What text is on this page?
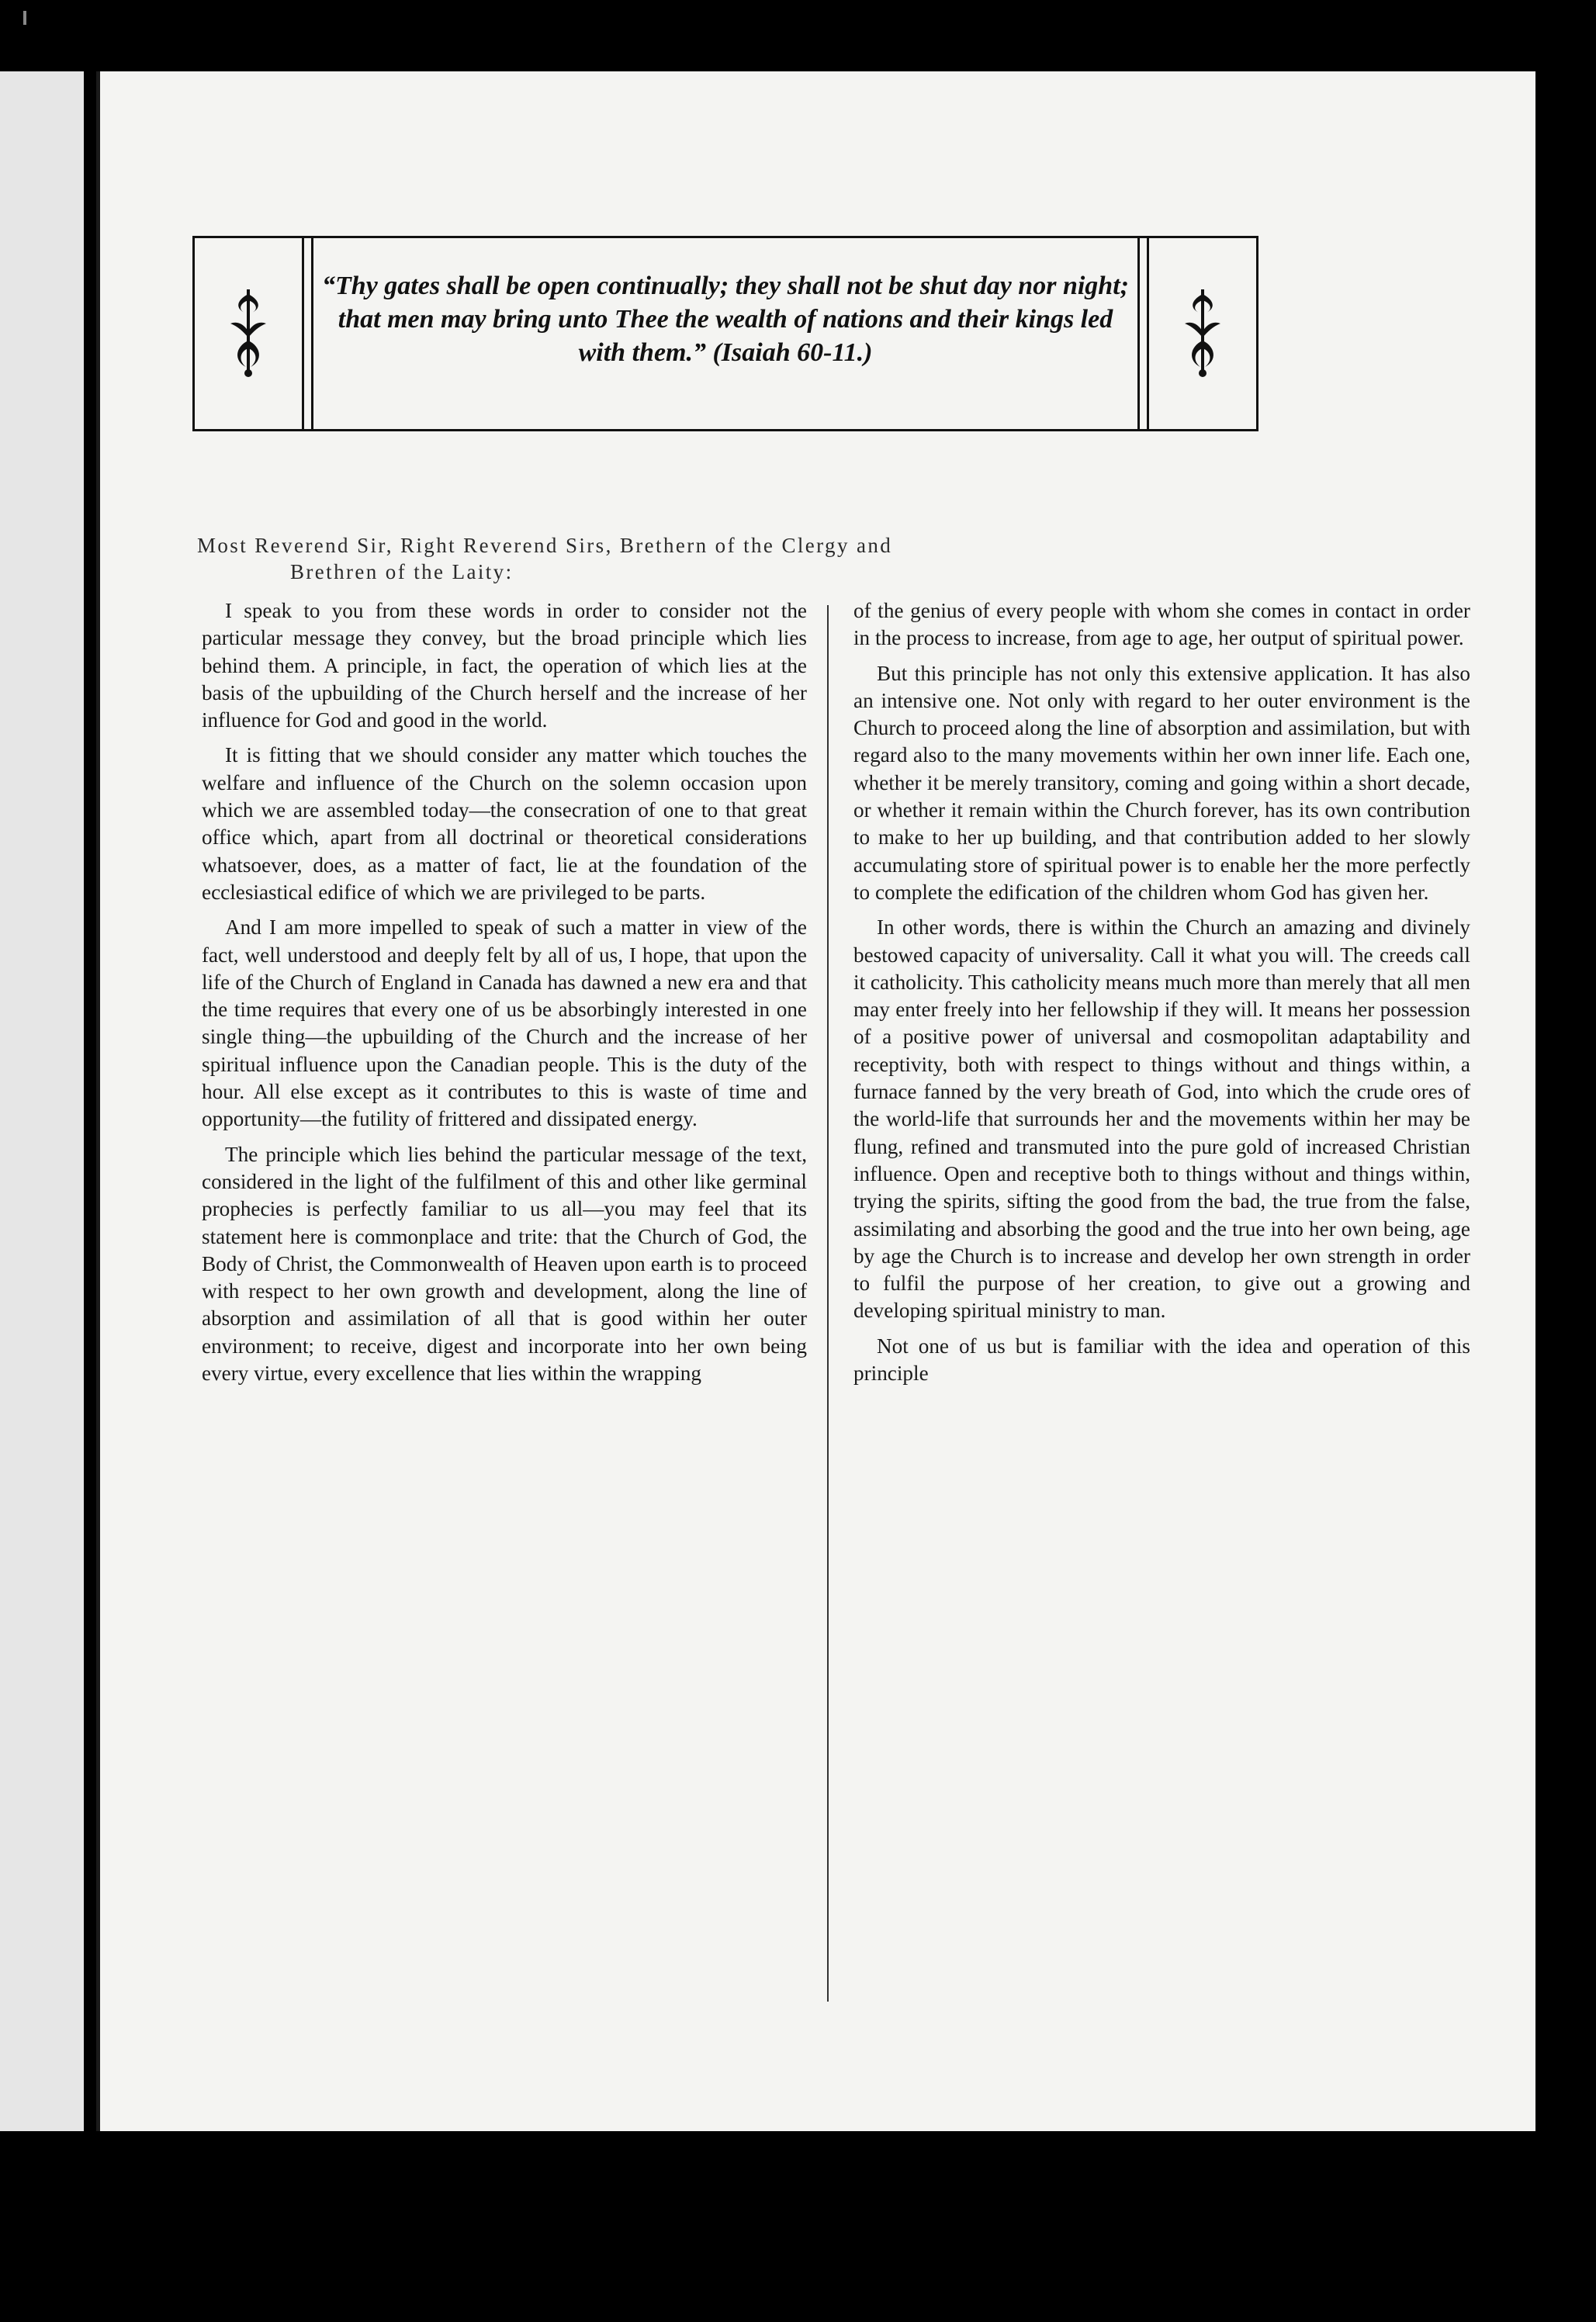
“Thy gates shall be open continually; they shall not be shut day nor night; that men may bring unto Thee the wealth of nations and their kings led with them.” (Isaiah 60-11.)
Most Reverend Sir, Right Reverend Sirs, Brethern of the Clergy and
Brethren of the Laity:

I speak to you from these words in order to consider not the particular message they convey, but the broad principle which lies behind them. A principle, in fact, the operation of which lies at the basis of the upbuilding of the Church herself and the increase of her influence for God and good in the world.

It is fitting that we should consider any matter which touches the welfare and influence of the Church on the solemn occasion upon which we are assembled today—the consecration of one to that great office which, apart from all doctrinal or theoretical considerations whatsoever, does, as a matter of fact, lie at the foundation of the ecclesiastical edifice of which we are privileged to be parts.

And I am more impelled to speak of such a matter in view of the fact, well understood and deeply felt by all of us, I hope, that upon the life of the Church of England in Canada has dawned a new era and that the time requires that every one of us be absorbingly interested in one single thing—the upbuilding of the Church and the increase of her spiritual influence upon the Canadian people. This is the duty of the hour. All else except as it contributes to this is waste of time and opportunity—the futility of frittered and dissipated energy.

The principle which lies behind the particular message of the text, considered in the light of the fulfilment of this and other like germinal prophecies is perfectly familiar to us all—you may feel that its statement here is commonplace and trite: that the Church of God, the Body of Christ, the Commonwealth of Heaven upon earth is to proceed with respect to her own growth and development, along the line of absorption and assimilation of all that is good within her outer environment; to receive, digest and incorporate into her own being every virtue, every excellence that lies within the wrapping

of the genius of every people with whom she comes in contact in order in the process to increase, from age to age, her output of spiritual power.

But this principle has not only this extensive application. It has also an intensive one. Not only with regard to her outer environment is the Church to proceed along the line of absorption and assimilation, but with regard also to the many movements within her own inner life. Each one, whether it be merely transitory, coming and going within a short decade, or whether it remain within the Church forever, has its own contribution to make to her up building, and that contribution added to her slowly accumulating store of spiritual power is to enable her the more perfectly to complete the edification of the children whom God has given her.

In other words, there is within the Church an amazing and divinely bestowed capacity of universality. Call it what you will. The creeds call it catholicity. This catholicity means much more than merely that all men may enter freely into her fellowship if they will. It means her possession of a positive power of universal and cosmopolitan adaptability and receptivity, both with respect to things without and things within, a furnace fanned by the very breath of God, into which the crude ores of the world-life that surrounds her and the movements within her may be flung, refined and transmuted into the pure gold of increased Christian influence. Open and receptive both to things without and things within, trying the spirits, sifting the good from the bad, the true from the false, assimilating and absorbing the good and the true into her own being, age by age the Church is to increase and develop her own strength in order to fulfil the purpose of her creation, to give out a growing and developing spiritual ministry to man.

Not one of us but is familiar with the idea and operation of this principle
